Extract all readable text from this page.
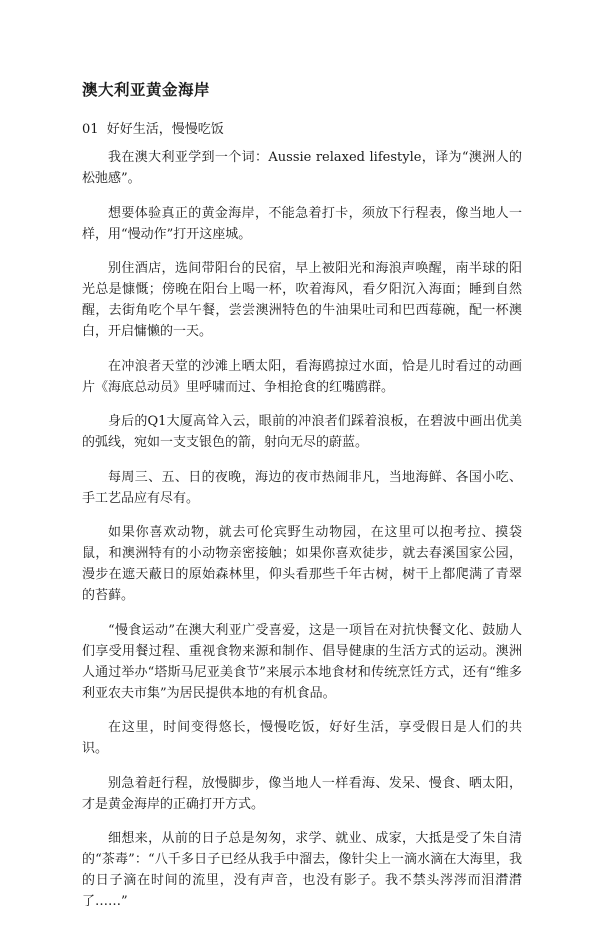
澳大利亚黄金海岸

01  好好生活，慢慢吃饭

我在澳大利亚学到一个词：Aussie relaxed lifestyle，译为“澳洲人的松弛感”。

想要体验真正的黄金海岸，不能急着打卡，须放下行程表，像当地人一样，用“慢动作”打开这座城。

别住酒店，选间带阳台的民宿，早上被阳光和海浪声唤醒，南半球的阳光总是慷慨；傍晚在阳台上喝一杯，吹着海风，看夕阳沉入海面；睡到自然醒，去街角吃个早午餐，尝尝澳洲特色的牛油果吐司和巴西莓碗，配一杯澳白，开启慵懒的一天。

在冲浪者天堂的沙滩上晒太阳，看海鸥掠过水面，恰是儿时看过的动画片《海底总动员》里呼啸而过、争相抢食的红嘴鸥群。

身后的Q1大厦高耸入云，眼前的冲浪者们踩着浪板，在碧波中画出优美的弧线，宛如一支支银色的箭，射向无尽的蔚蓝。

每周三、五、日的夜晚，海边的夜市热闹非凡，当地海鲜、各国小吃、手工艺品应有尽有。

如果你喜欢动物，就去可伦宾野生动物园，在这里可以抱考拉、摸袋鼠，和澳洲特有的小动物亲密接触；如果你喜欢徒步，就去春溪国家公园，漫步在遮天蔽日的原始森林里，仰头看那些千年古树，树干上都爬满了青翠的苔藓。

“慢食运动”在澳大利亚广受喜爱，这是一项旨在对抗快餐文化、鼓励人们享受用餐过程、重视食物来源和制作、倡导健康的生活方式的运动。澳洲人通过举办“塔斯马尼亚美食节”来展示本地食材和传统烹饪方式，还有“维多利亚农夫市集”为居民提供本地的有机食品。

在这里，时间变得悠长，慢慢吃饭，好好生活，享受假日是人们的共识。

别急着赶行程，放慢脚步，像当地人一样看海、发呆、慢食、晒太阳，才是黄金海岸的正确打开方式。

细想来，从前的日子总是匆匆，求学、就业、成家，大抵是受了朱自清的“茶毒”：“八千多日子已经从我手中溜去，像针尖上一滴水滴在大海里，我的日子滴在时间的流里，没有声音，也没有影子。我不禁头涔涔而泪潸潸了……”
